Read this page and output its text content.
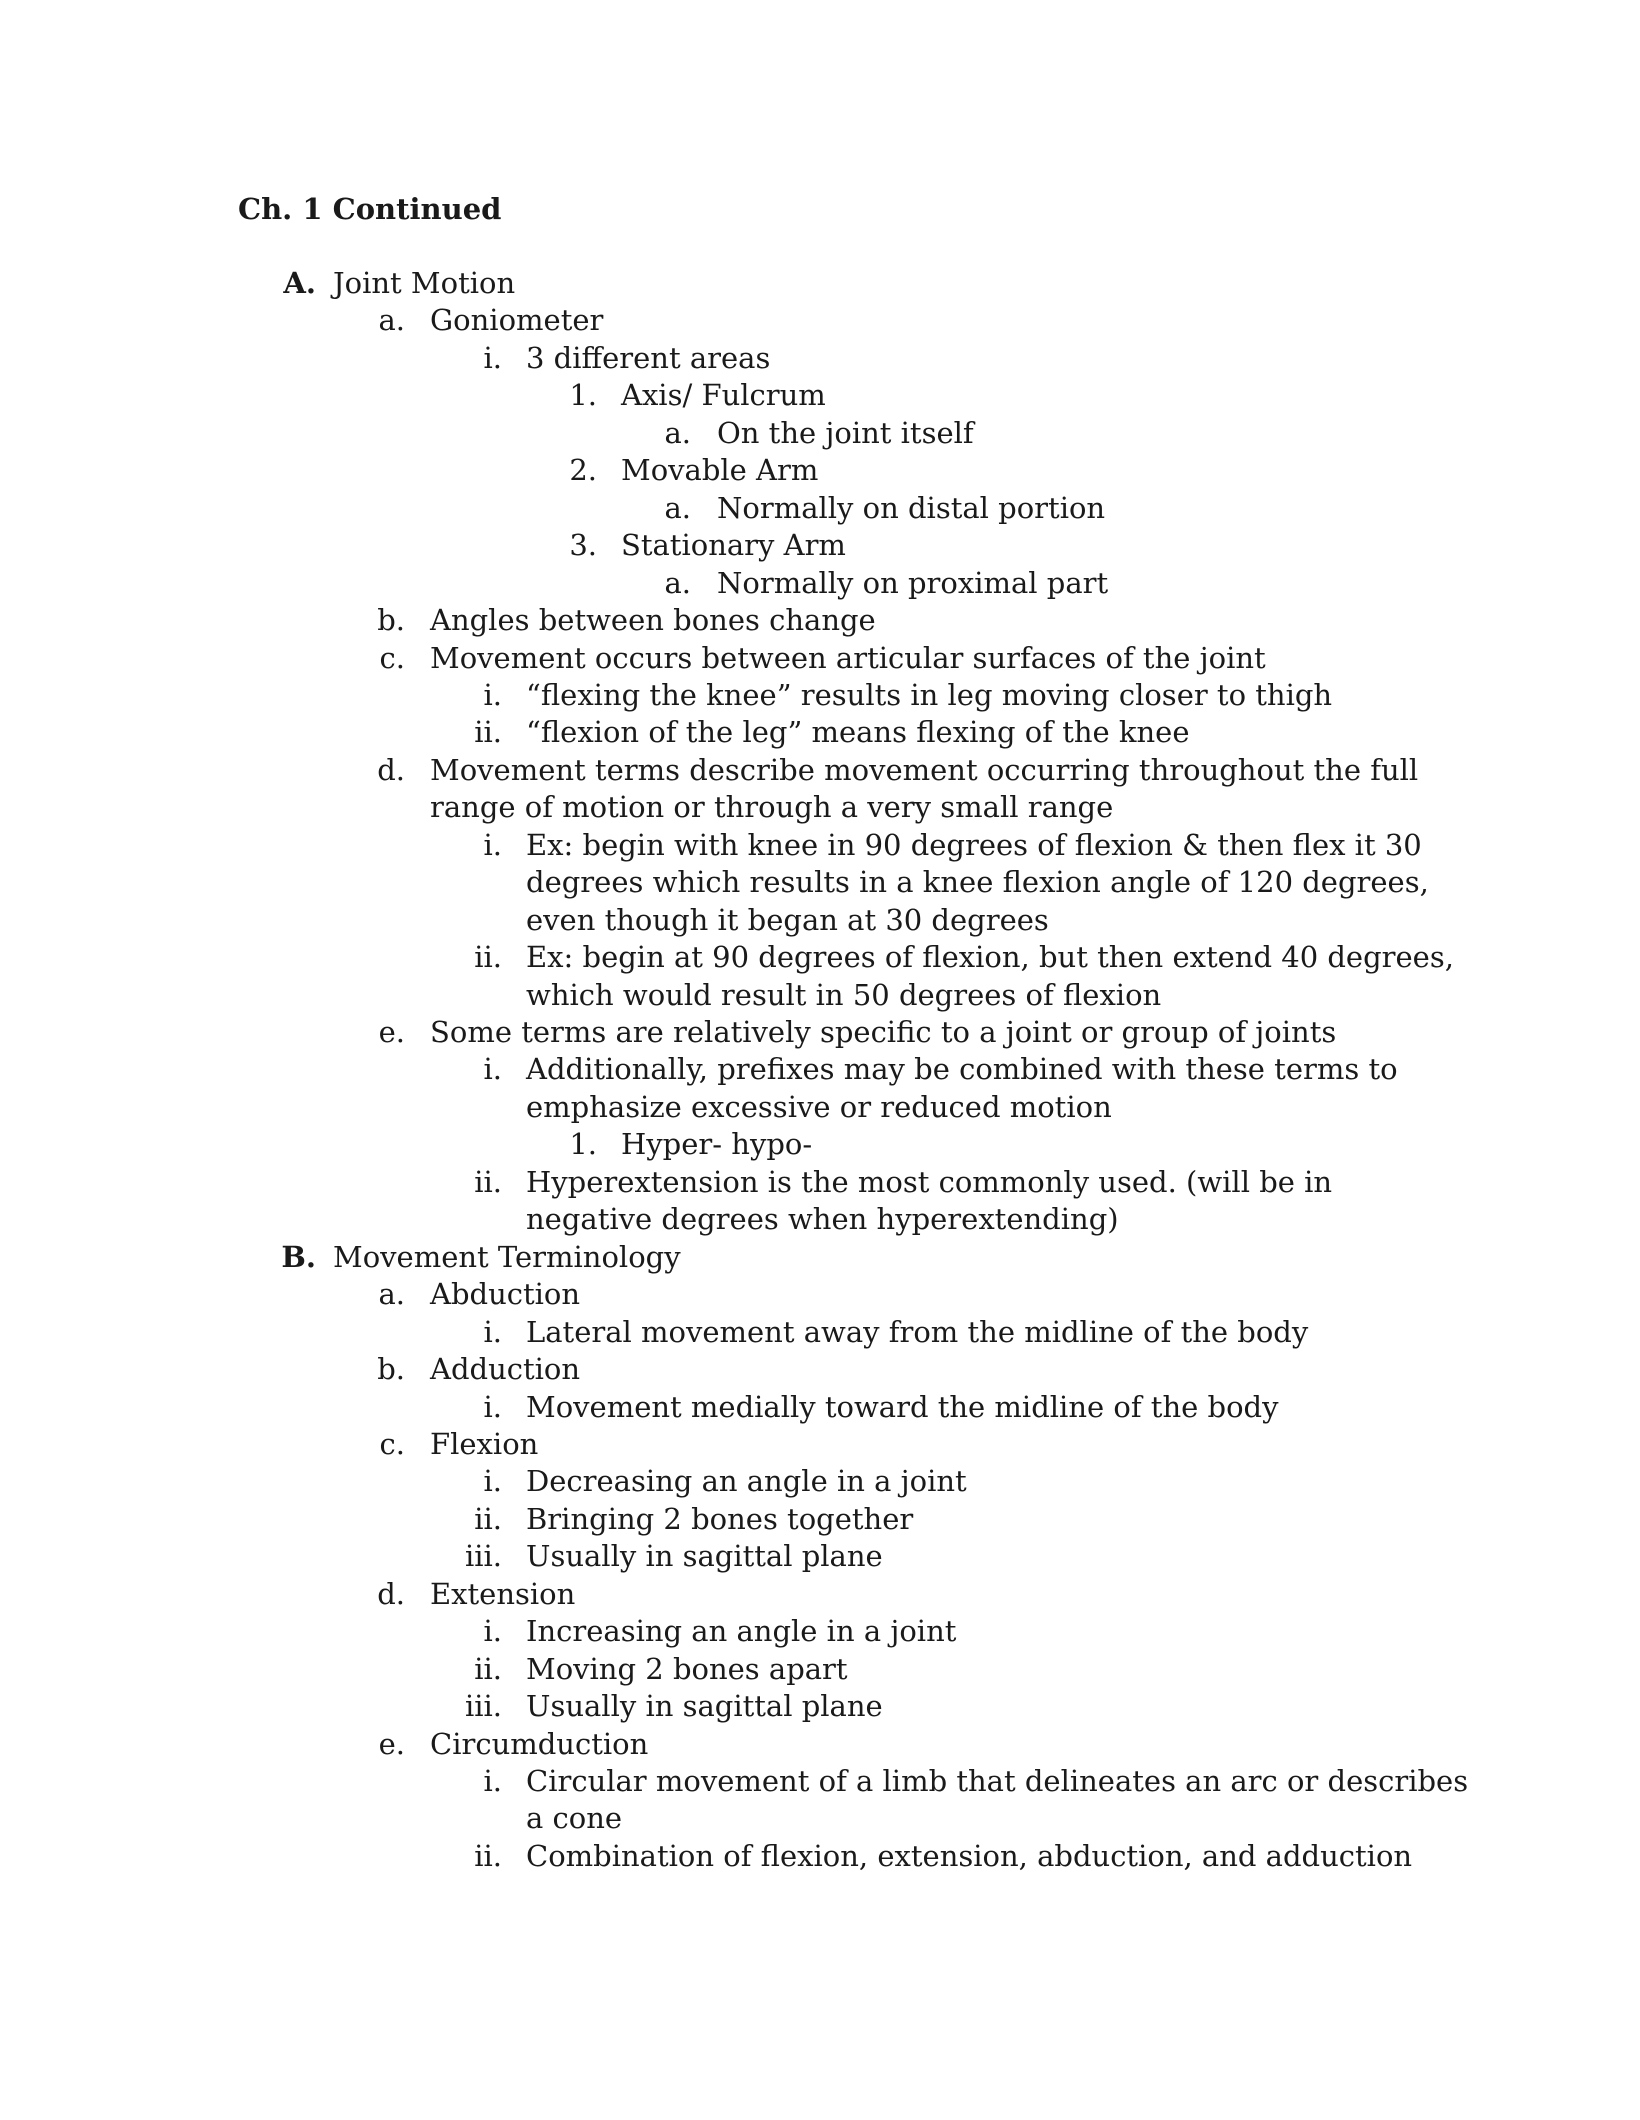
Ch. 1 Continued
A. Joint Motion
a. Goniometer
i. 3 different areas
1. Axis/ Fulcrum
a. On the joint itself
2. Movable Arm
a. Normally on distal portion
3. Stationary Arm
a. Normally on proximal part
b. Angles between bones change
c. Movement occurs between articular surfaces of the joint
i. “flexing the knee” results in leg moving closer to thigh
ii. “flexion of the leg” means flexing of the knee
d. Movement terms describe movement occurring throughout the full
range of motion or through a very small range
i. Ex: begin with knee in 90 degrees of flexion & then flex it 30
degrees which results in a knee flexion angle of 120 degrees,
even though it began at 30 degrees
ii. Ex: begin at 90 degrees of flexion, but then extend 40 degrees,
which would result in 50 degrees of flexion
e. Some terms are relatively specific to a joint or group of joints
i. Additionally, prefixes may be combined with these terms to
emphasize excessive or reduced motion
1. Hyper- hypo-
ii. Hyperextension is the most commonly used. (will be in
negative degrees when hyperextending)
B. Movement Terminology
a. Abduction
i. Lateral movement away from the midline of the body
b. Adduction
i. Movement medially toward the midline of the body
c. Flexion
i. Decreasing an angle in a joint
ii. Bringing 2 bones together
iii. Usually in sagittal plane
d. Extension
i. Increasing an angle in a joint
ii. Moving 2 bones apart
iii. Usually in sagittal plane
e. Circumduction
i. Circular movement of a limb that delineates an arc or describes
a cone
ii. Combination of flexion, extension, abduction, and adduction
